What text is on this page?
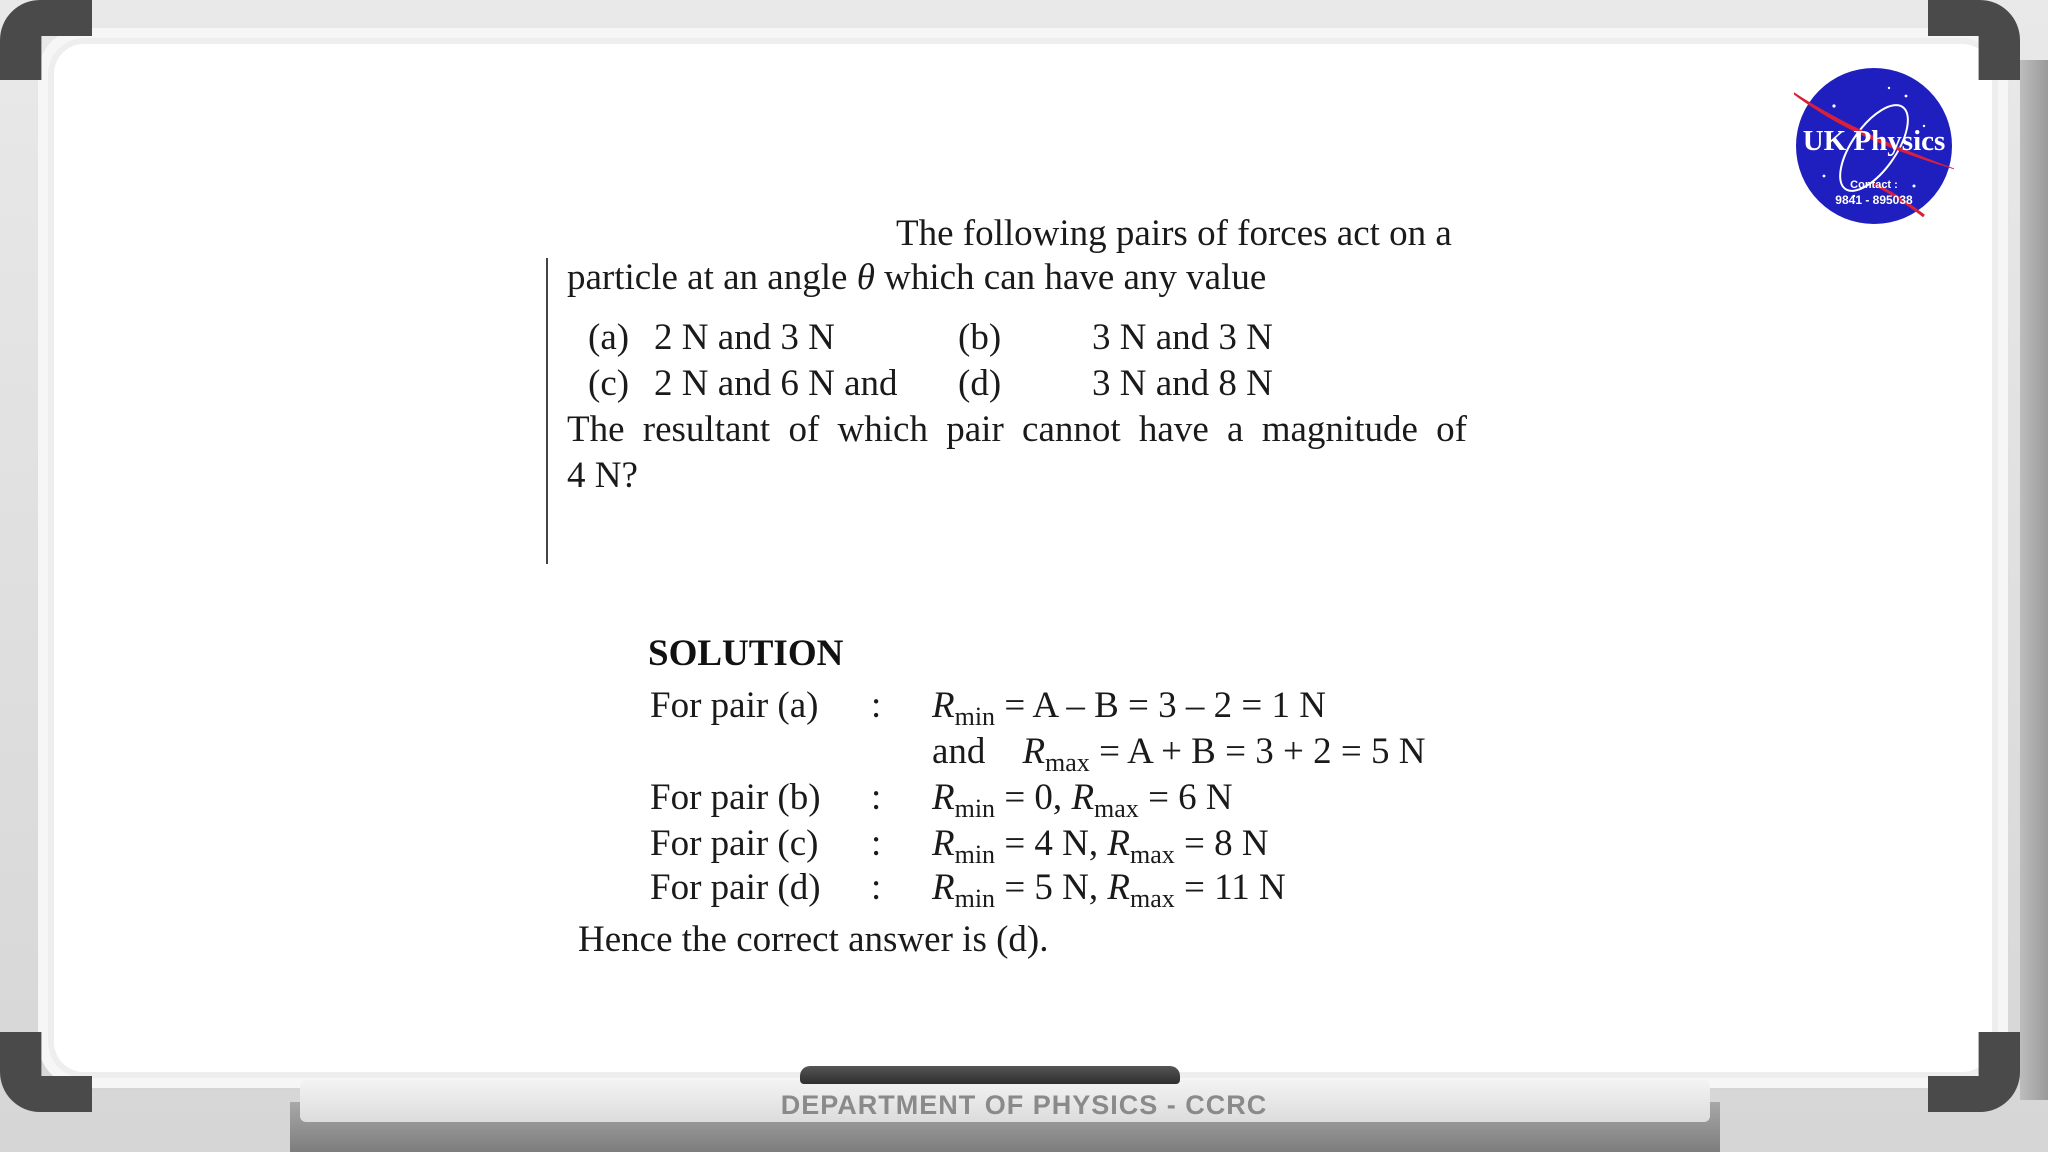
DEPARTMENT OF PHYSICS - CCRC
UK Physics
Contact :
9841 - 895038
The following pairs of forces act on a
particle at an angle θ which can have any value
(a) 2 N and 3 N	(b) 3 N and 3 N
(c) 2 N and 6 N and (d) 3 N and 8 N
The resultant of which pair cannot have a magnitude of
4 N?
SOLUTION
For pair (a) : $R_{min} = A - B = 3 - 2 = 1$ N
and $R_{max} = A + B = 3 + 2 = 5$ N
For pair (b) : $R_{min} = 0$, $R_{max} = 6$ N
For pair (c) : $R_{min} = 4$ N, $R_{max} = 8$ N
For pair (d) : $R_{min} = 5$ N, $R_{max} = 11$ N
Hence the correct answer is (d).
